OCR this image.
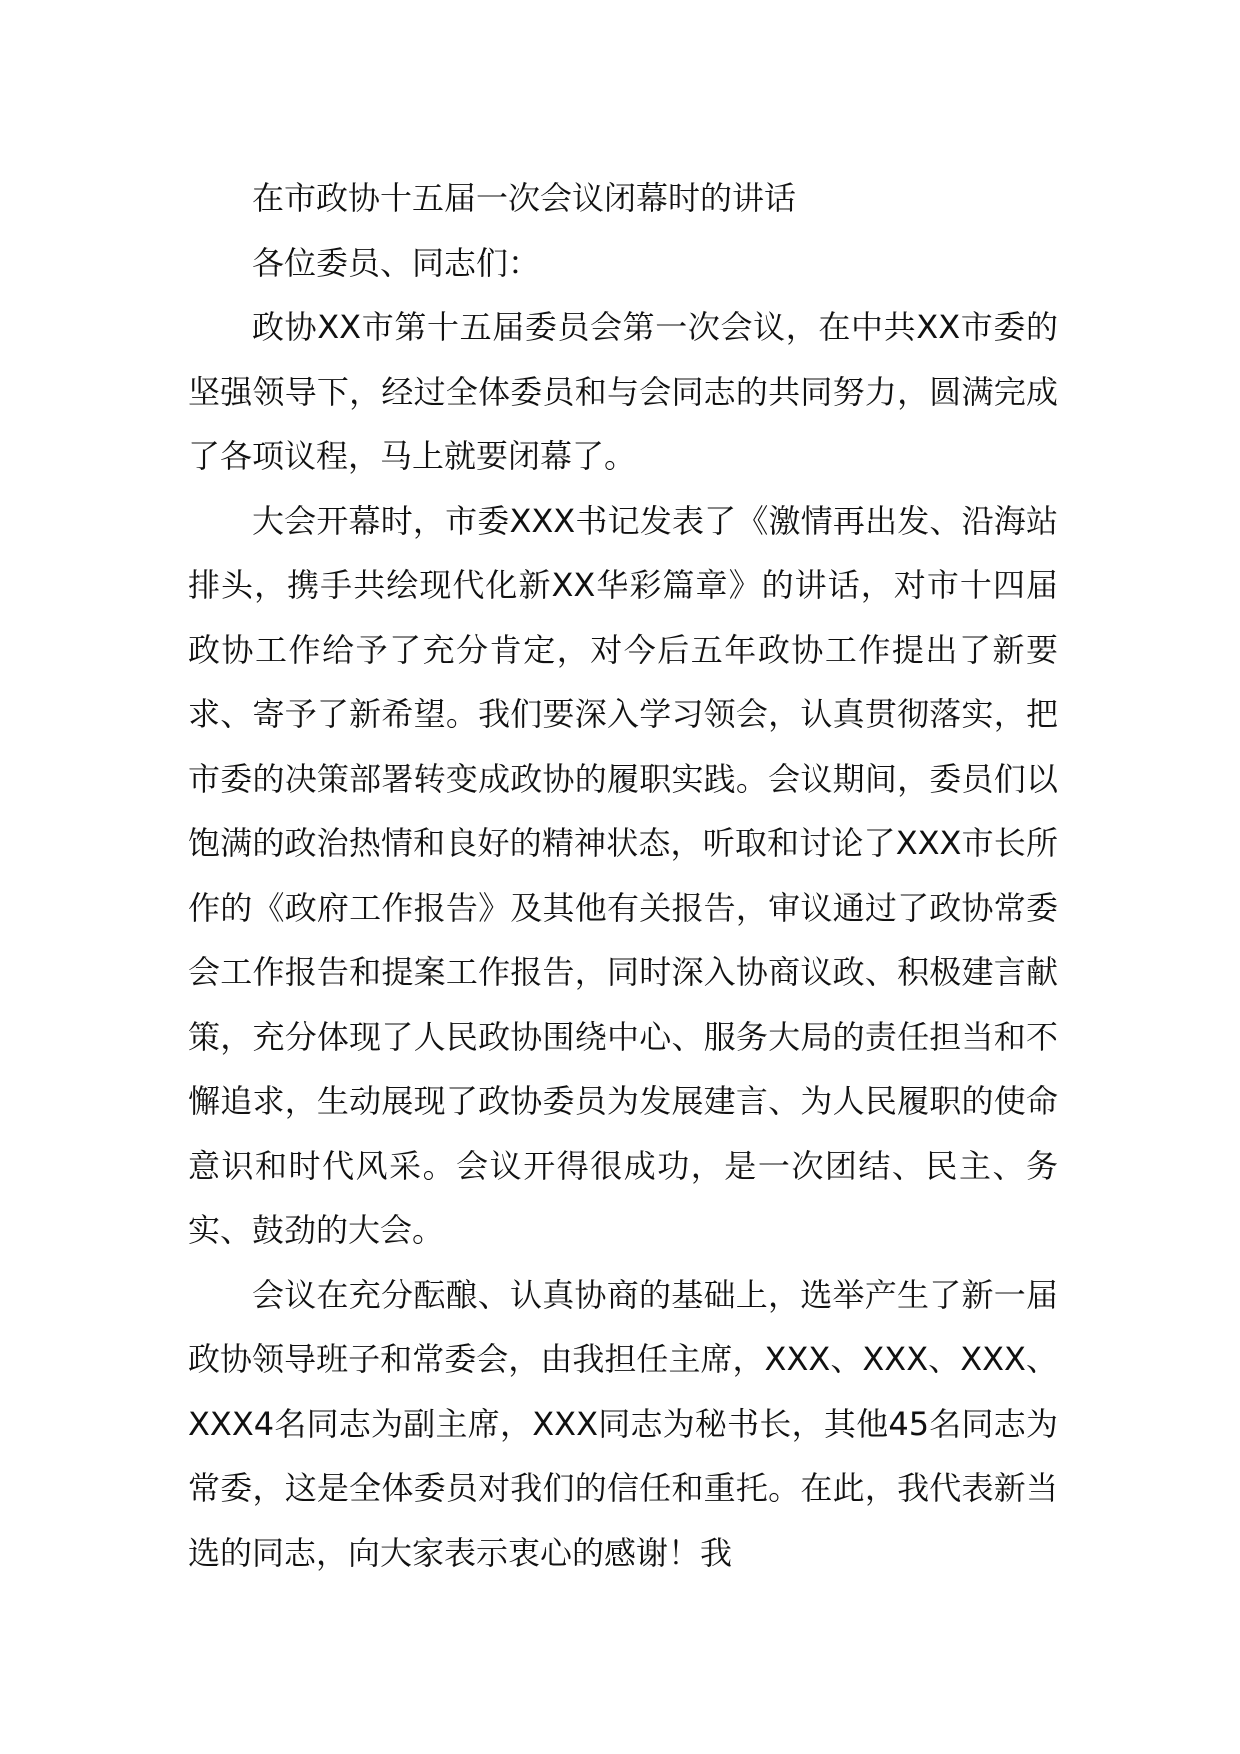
在市政协十五届一次会议闭幕时的讲话

各位委员、同志们：

政协XX市第十五届委员会第一次会议，在中共XX市委的坚强领导下，经过全体委员和与会同志的共同努力，圆满完成了各项议程，马上就要闭幕了。

大会开幕时，市委XXX书记发表了《激情再出发、沿海站排头，携手共绘现代化新XX华彩篇章》的讲话，对市十四届政协工作给予了充分肯定，对今后五年政协工作提出了新要求、寄予了新希望。我们要深入学习领会，认真贯彻落实，把市委的决策部署转变成政协的履职实践。会议期间，委员们以饱满的政治热情和良好的精神状态，听取和讨论了XXX市长所作的《政府工作报告》及其他有关报告，审议通过了政协常委会工作报告和提案工作报告，同时深入协商议政、积极建言献策，充分体现了人民政协围绕中心、服务大局的责任担当和不懈追求，生动展现了政协委员为发展建言、为人民履职的使命意识和时代风采。会议开得很成功，是一次团结、民主、务实、鼓劲的大会。

会议在充分酝酿、认真协商的基础上，选举产生了新一届政协领导班子和常委会，由我担任主席，XXX、XXX、XXX、XXX4名同志为副主席，XXX同志为秘书长，其他45名同志为常委，这是全体委员对我们的信任和重托。在此，我代表新当选的同志，向大家表示衷心的感谢！我
